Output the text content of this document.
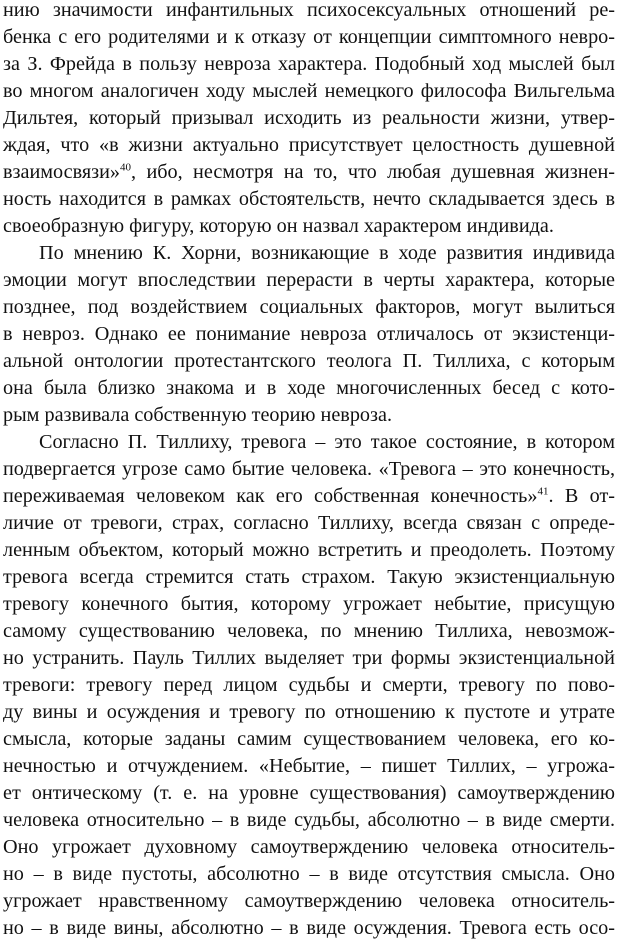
нию значимости инфантильных психосексуальных отношений ре-
бенка с его родителями и к отказу от концепции симптомного невро-
за З. Фрейда в пользу невроза характера. Подобный ход мыслей был
во многом аналогичен ходу мыслей немецкого философа Вильгельма
Дильтея, который призывал исходить из реальности жизни, утвер-
ждая, что «в жизни актуально присутствует целостность душевной
взаимосвязи»$^{40}$, ибо, несмотря на то, что любая душевная жизнен-
ность находится в рамках обстоятельств, нечто складывается здесь в
своеобразную фигуру, которую он назвал характером индивида.
По мнению К. Хорни, возникающие в ходе развития индивида
эмоции могут впоследствии перерасти в черты характера, которые
позднее, под воздействием социальных факторов, могут вылиться
в невроз. Однако ее понимание невроза отличалось от экзистенци-
альной онтологии протестантского теолога П. Тиллиха, с которым
она была близко знакома и в ходе многочисленных бесед с кото-
рым развивала собственную теорию невроза.
Согласно П. Тиллиху, тревога – это такое состояние, в котором
подвергается угрозе само бытие человека. «Тревога – это конечность,
переживаемая человеком как его собственная конечность»$^{41}$. В от-
личие от тревоги, страх, согласно Тиллиху, всегда связан с опреде-
ленным объектом, который можно встретить и преодолеть. Поэтому
тревога всегда стремится стать страхом. Такую экзистенциальную
тревогу конечного бытия, которому угрожает небытие, присущую
самому существованию человека, по мнению Тиллиха, невозмож-
но устранить. Пауль Тиллих выделяет три формы экзистенциальной
тревоги: тревогу перед лицом судьбы и смерти, тревогу по пово-
ду вины и осуждения и тревогу по отношению к пустоте и утрате
смысла, которые заданы самим существованием человека, его ко-
нечностью и отчуждением. «Небытие, – пишет Тиллих, – угрожа-
ет онтическому (т. е. на уровне существования) самоутверждению
человека относительно – в виде судьбы, абсолютно – в виде смерти.
Оно угрожает духовному самоутверждению человека относитель-
но – в виде пустоты, абсолютно – в виде отсутствия смысла. Оно
угрожает нравственному самоутверждению человека относитель-
но – в виде вины, абсолютно – в виде осуждения. Тревога есть осо-
